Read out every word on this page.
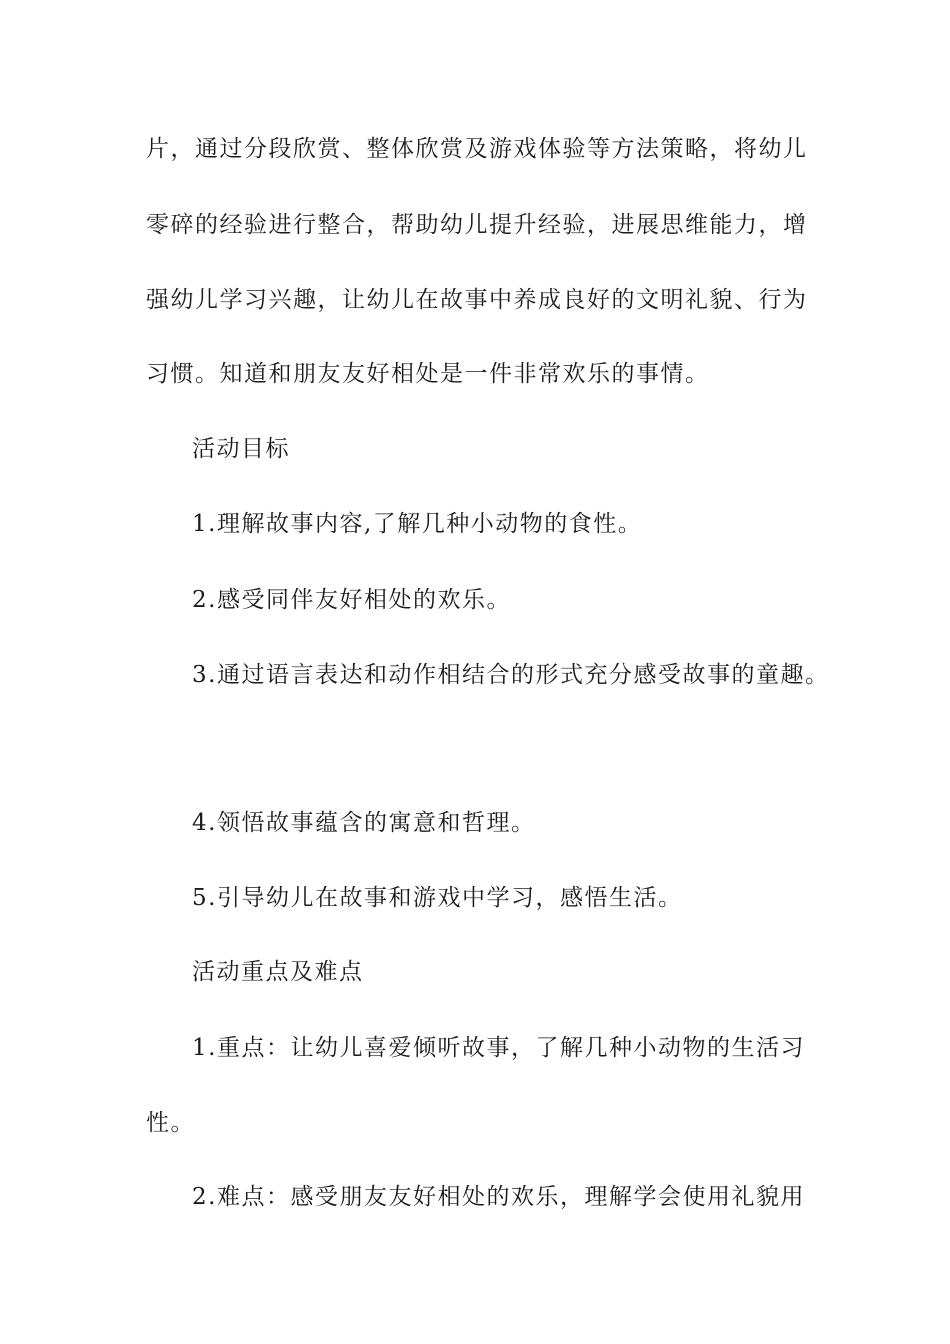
片，通过分段欣赏、整体欣赏及游戏体验等方法策略，将幼儿
零碎的经验进行整合，帮助幼儿提升经验，进展思维能力，增
强幼儿学习兴趣，让幼儿在故事中养成良好的文明礼貌、行为
习惯。知道和朋友友好相处是一件非常欢乐的事情。
活动目标
1.理解故事内容,了解几种小动物的食性。
2.感受同伴友好相处的欢乐。
3.通过语言表达和动作相结合的形式充分感受故事的童趣。
4.领悟故事蕴含的寓意和哲理。
5.引导幼儿在故事和游戏中学习，感悟生活。
活动重点及难点
1.重点：让幼儿喜爱倾听故事，了解几种小动物的生活习
性。
2.难点：感受朋友友好相处的欢乐，理解学会使用礼貌用
